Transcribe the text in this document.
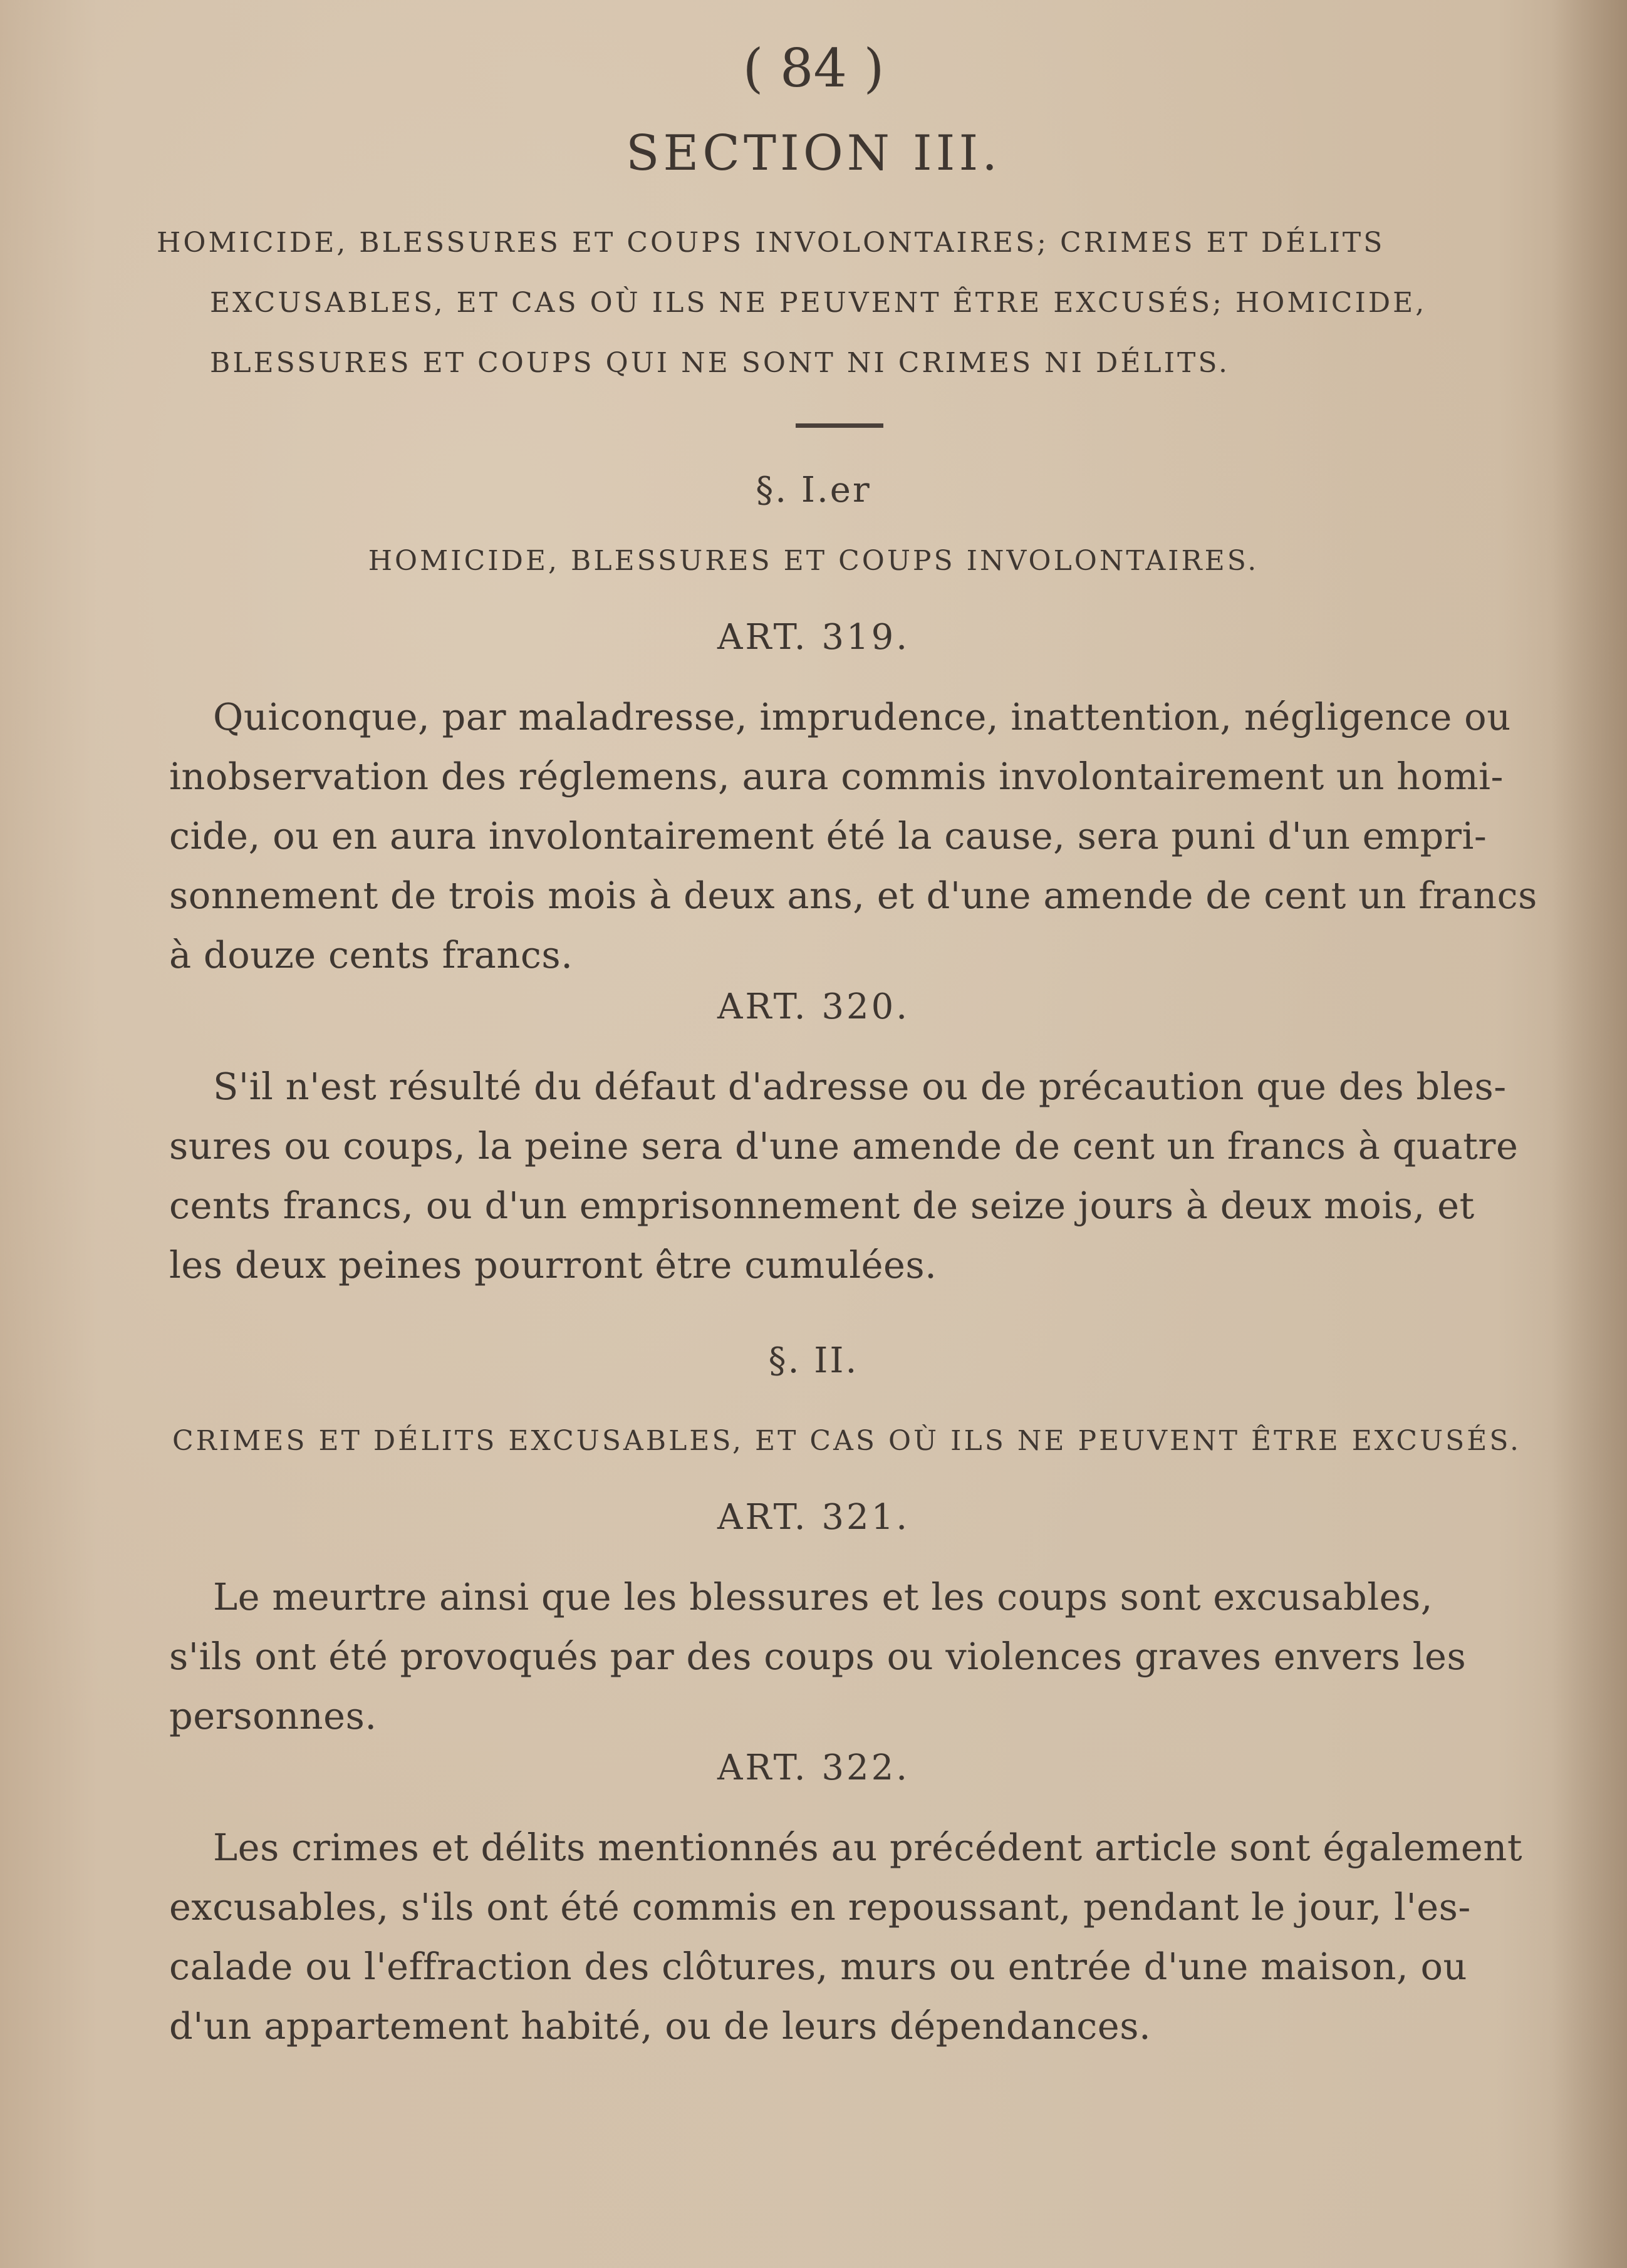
( 84 )
SECTION III.
HOMICIDE, BLESSURES ET COUPS INVOLONTAIRES; CRIMES ET DÉLITS
EXCUSABLES, ET CAS OÙ ILS NE PEUVENT ÊTRE EXCUSÉS; HOMICIDE,
BLESSURES ET COUPS QUI NE SONT NI CRIMES NI DÉLITS.
§. I.er
HOMICIDE, BLESSURES ET COUPS INVOLONTAIRES.
ART. 319.
Quiconque, par maladresse, imprudence, inattention, négligence ou
inobservation des réglemens, aura commis involontairement un homi-
cide, ou en aura involontairement été la cause, sera puni d'un empri-
sonnement de trois mois à deux ans, et d'une amende de cent un francs
à douze cents francs.
ART. 320.
S'il n'est résulté du défaut d'adresse ou de précaution que des bles-
sures ou coups, la peine sera d'une amende de cent un francs à quatre
cents francs, ou d'un emprisonnement de seize jours à deux mois, et
les deux peines pourront être cumulées.
§. II.
CRIMES ET DÉLITS EXCUSABLES, ET CAS OÙ ILS NE PEUVENT ÊTRE EXCUSÉS.
ART. 321.
Le meurtre ainsi que les blessures et les coups sont excusables,
s'ils ont été provoqués par des coups ou violences graves envers les
personnes.
ART. 322.
Les crimes et délits mentionnés au précédent article sont également
excusables, s'ils ont été commis en repoussant, pendant le jour, l'es-
calade ou l'effraction des clôtures, murs ou entrée d'une maison, ou
d'un appartement habité, ou de leurs dépendances.
